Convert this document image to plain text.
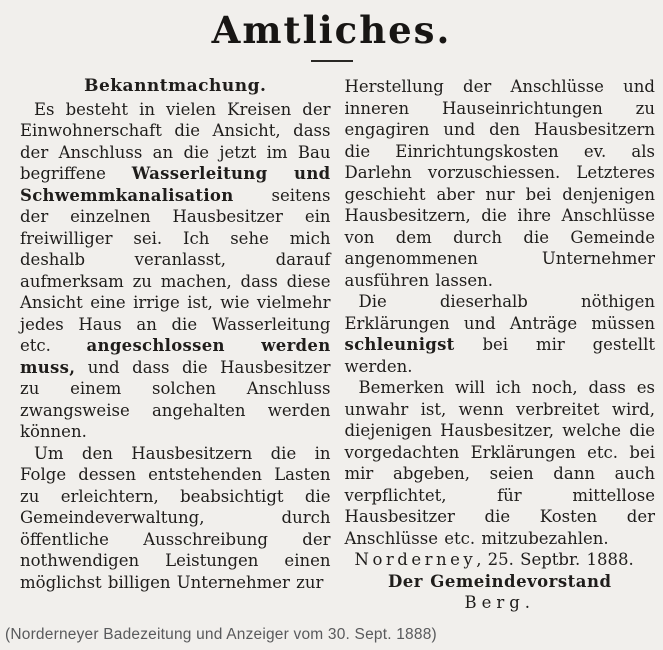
Amtliches.
Bekanntmachung.

Es besteht in vielen Kreisen der Einwohnerschaft die Ansicht, dass der Anschluss an die jetzt im Bau begriffene Wasserleitung und Schwemmkanalisation seitens der einzelnen Hausbesitzer ein freiwilliger sei. Ich sehe mich deshalb veranlasst, darauf aufmerksam zu machen, dass diese Ansicht eine irrige ist, wie vielmehr jedes Haus an die Wasserleitung etc. angeschlossen werden muss, und dass die Hausbesitzer zu einem solchen Anschluss zwangsweise angehalten werden können.

Um den Hausbesitzern die in Folge dessen entstehenden Lasten zu erleichtern, beabsichtigt die Gemeindeverwaltung, durch öffentliche Ausschreibung der nothwendigen Leistungen einen möglichst billigen Unternehmer zur

Herstellung der Anschlüsse und inneren Hauseinrichtungen zu engagiren und den Hausbesitzern die Einrichtungskosten ev. als Darlehn vorzuschiessen. Letzteres geschieht aber nur bei denjenigen Hausbesitzern, die ihre Anschlüsse von dem durch die Gemeinde angenommenen Unternehmer ausführen lassen.

Die dieserhalb nöthigen Erklärungen und Anträge müssen schleunigst bei mir gestellt werden.

Bemerken will ich noch, dass es unwahr ist, wenn verbreitet wird, diejenigen Hausbesitzer, welche die vorgedachten Erklärungen etc. bei mir abgeben, seien dann auch verpflichtet, für mittellose Hausbesitzer die Kosten der Anschlüsse etc. mitzubezahlen.

Norderney, 25. Septbr. 1888.

Der Gemeindevorstand

Berg.

(Norderneyer Badezeitung und Anzeiger vom 30. Sept. 1888)
